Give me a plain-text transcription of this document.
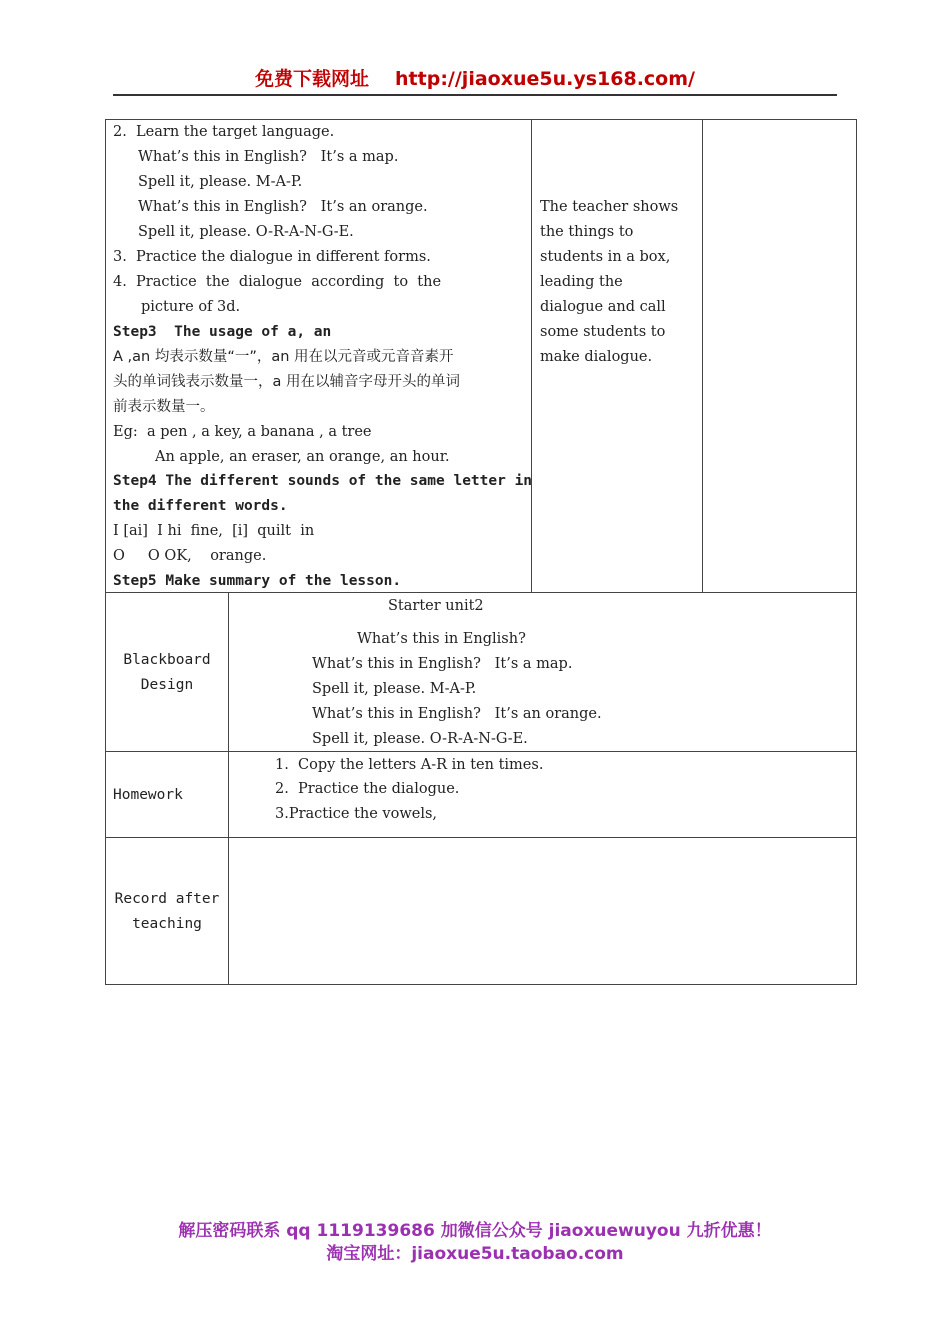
免费下载网址 http://jiaoxue5u.ys168.com/
2.  Learn the target language.
What’s this in English?   It’s a map.
Spell it, please. M-A-P.
What’s this in English?   It’s an orange.
Spell it, please. O-R-A-N-G-E.
3.  Practice the dialogue in different forms.
4.  Practice  the  dialogue  according  to  the
picture of 3d.
Step3  The usage of a, an
A ,an 均表示数量“一”，an 用在以元音或元音音素开
头的单词钱表示数量一，a 用在以辅音字母开头的单词
前表示数量一。
Eg:  a pen , a key, a banana , a tree
An apple, an eraser, an orange, an hour.
Step4 The different sounds of the same letter in
the different words.
I [ai]  I hi  fine,  [i]  quilt  in
O     O OK,    orange.
Step5 Make summary of the lesson.
The teacher shows
the things to
students in a box,
leading the
dialogue and call
some students to
make dialogue.
Blackboard
Design
Starter unit2
What’s this in English?
What’s this in English?   It’s a map.
Spell it, please. M-A-P.
What’s this in English?   It’s an orange.
Spell it, please. O-R-A-N-G-E.
Homework
1.  Copy the letters A-R in ten times.
2.  Practice the dialogue.
3.Practice the vowels,
Record after
teaching
解压密码联系 qq 1119139686 加微信公众号 jiaoxuewuyou 九折优惠！
淘宝网址：jiaoxue5u.taobao.com
